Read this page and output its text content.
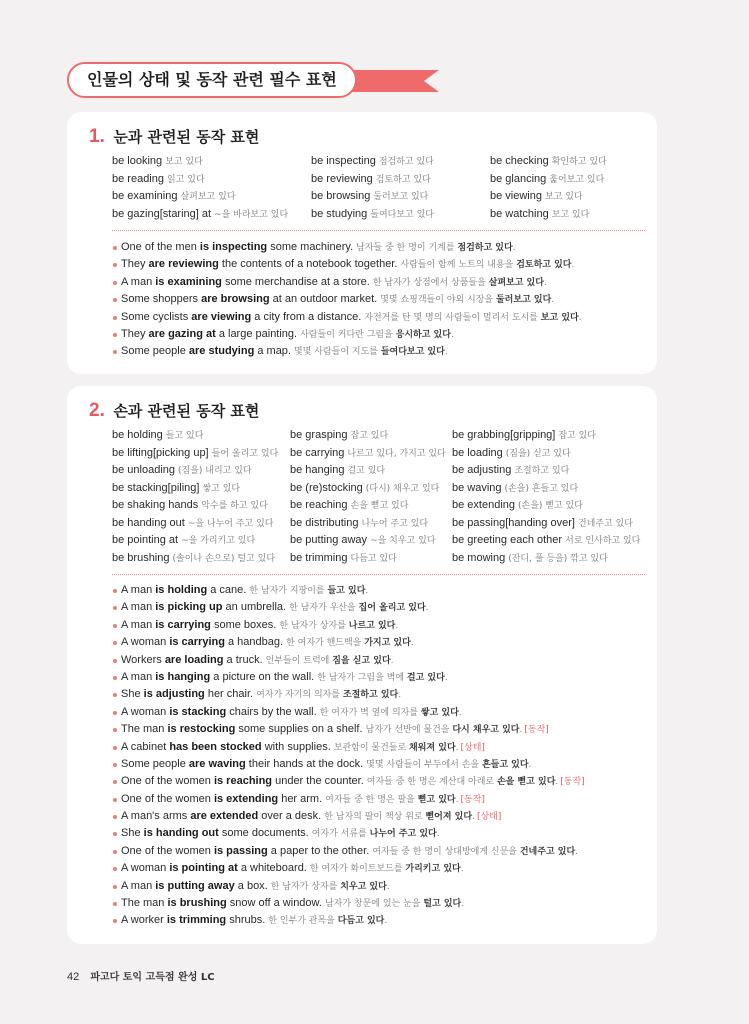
인물의 상태 및 동작 관련 필수 표현
1. 눈과 관련된 동작 표현
be looking 보고 있다
be reading 읽고 있다
be examining 살펴보고 있다
be gazing[staring] at ~을 바라보고 있다
be inspecting 점검하고 있다
be reviewing 검토하고 있다
be browsing 둘러보고 있다
be studying 들여다보고 있다
be checking 확인하고 있다
be glancing 훑어보고 있다
be viewing 보고 있다
be watching 보고 있다
One of the men is inspecting some machinery. 남자들 중 한 명이 기계를 점검하고 있다.
They are reviewing the contents of a notebook together. 사람들이 함께 노트의 내용을 검토하고 있다.
A man is examining some merchandise at a store. 한 남자가 상점에서 상품들을 살펴보고 있다.
Some shoppers are browsing at an outdoor market. 몇몇 쇼핑객들이 야외 시장을 둘러보고 있다.
Some cyclists are viewing a city from a distance. 자전거를 탄 몇 명의 사람들이 멀리서 도시를 보고 있다.
They are gazing at a large painting. 사람들이 커다란 그림을 응시하고 있다.
Some people are studying a map. 몇몇 사람들이 지도를 들여다보고 있다.
2. 손과 관련된 동작 표현
be holding 들고 있다
be lifting[picking up] 들어 올리고 있다
be unloading (짐을) 내리고 있다
be stacking[piling] 쌓고 있다
be shaking hands 악수를 하고 있다
be handing out ~을 나누어 주고 있다
be pointing at ~을 가리키고 있다
be brushing (솔이나 손으로) 털고 있다
be grasping 잡고 있다
be carrying 나르고 있다, 가지고 있다
be hanging 걸고 있다
be (re)stocking (다시) 채우고 있다
be reaching 손을 뻗고 있다
be distributing 나누어 주고 있다
be putting away ~을 치우고 있다
be trimming 다듬고 있다
be grabbing[gripping] 잡고 있다
be loading (짐을) 싣고 있다
be adjusting 조절하고 있다
be waving (손을) 흔들고 있다
be extending (손을) 뻗고 있다
be passing[handing over] 건네주고 있다
be greeting each other 서로 인사하고 있다
be mowing (잔디, 풀 등을) 깎고 있다
A man is holding a cane. 한 남자가 지팡이를 들고 있다.
A man is picking up an umbrella. 한 남자가 우산을 집어 올리고 있다.
A man is carrying some boxes. 한 남자가 상자를 나르고 있다.
A woman is carrying a handbag. 한 여자가 핸드백을 가지고 있다.
Workers are loading a truck. 인부들이 트럭에 짐을 싣고 있다.
A man is hanging a picture on the wall. 한 남자가 그림을 벽에 걸고 있다.
She is adjusting her chair. 여자가 자기의 의자를 조절하고 있다.
A woman is stacking chairs by the wall. 한 여자가 벽 옆에 의자를 쌓고 있다.
The man is restocking some supplies on a shelf. 남자가 선반에 물건을 다시 채우고 있다. [동작]
A cabinet has been stocked with supplies. 보관함이 물건들로 채워져 있다. [상태]
Some people are waving their hands at the dock. 몇몇 사람들이 부두에서 손을 흔들고 있다.
One of the women is reaching under the counter. 여자들 중 한 명은 계산대 아래로 손을 뻗고 있다. [동작]
One of the women is extending her arm. 여자들 중 한 명은 팔을 뻗고 있다. [동작]
A man's arms are extended over a desk. 한 남자의 팔이 책상 위로 뻗어져 있다. [상태]
She is handing out some documents. 여자가 서류를 나누어 주고 있다.
One of the women is passing a paper to the other. 여자들 중 한 명이 상대방에게 신문을 건네주고 있다.
A woman is pointing at a whiteboard. 한 여자가 화이트보드를 가리키고 있다.
A man is putting away a box. 한 남자가 상자를 치우고 있다.
The man is brushing snow off a window. 남자가 창문에 있는 눈을 털고 있다.
A worker is trimming shrubs. 한 인부가 관목을 다듬고 있다.
42 파고다 토익 고득점 완성 LC
